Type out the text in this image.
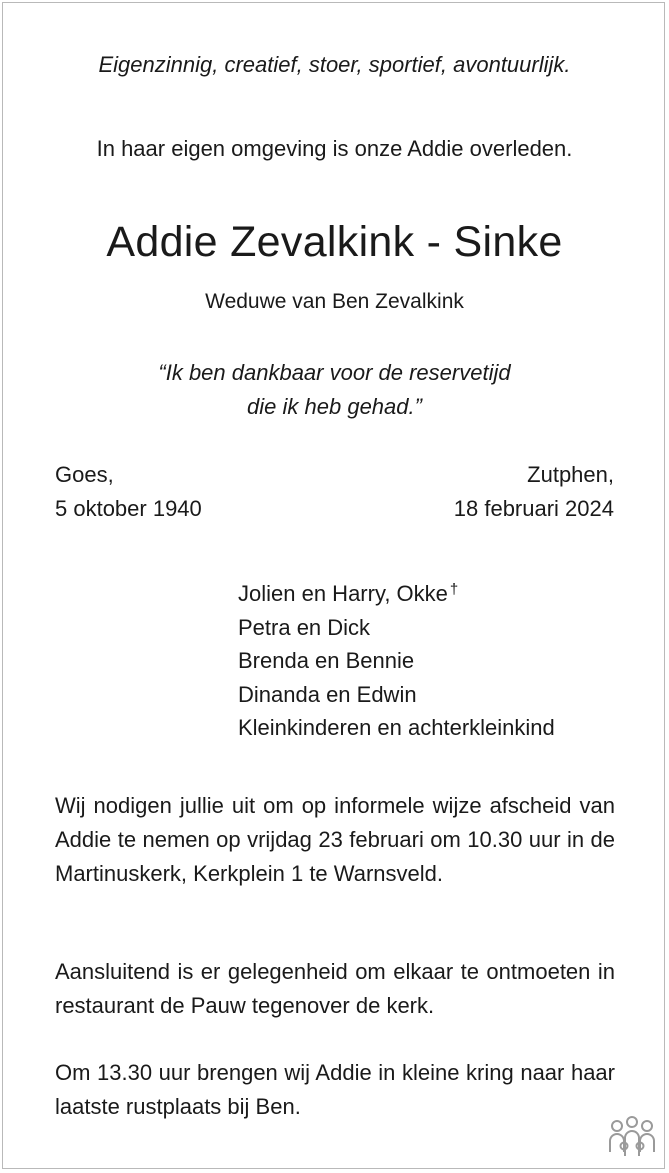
Eigenzinnig, creatief, stoer, sportief, avontuurlijk.
In haar eigen omgeving is onze Addie overleden.
Addie Zevalkink - Sinke
Weduwe van Ben Zevalkink
“Ik ben dankbaar voor de reservetijd
die ik heb gehad.”
Goes,
5 oktober 1940
Zutphen,
18 februari 2024
Jolien en Harry, Okke †
Petra en Dick
Brenda en Bennie
Dinanda en Edwin
Kleinkinderen en achterkleinkind
Wij nodigen jullie uit om op informele wijze afscheid van Addie te nemen op vrijdag 23 februari om 10.30 uur in de Martinuskerk, Kerkplein 1 te Warnsveld.
Aansluitend is er gelegenheid om elkaar te ontmoeten in restaurant de Pauw tegenover de kerk.
Om 13.30 uur brengen wij Addie in kleine kring naar haar laatste rustplaats bij Ben.
